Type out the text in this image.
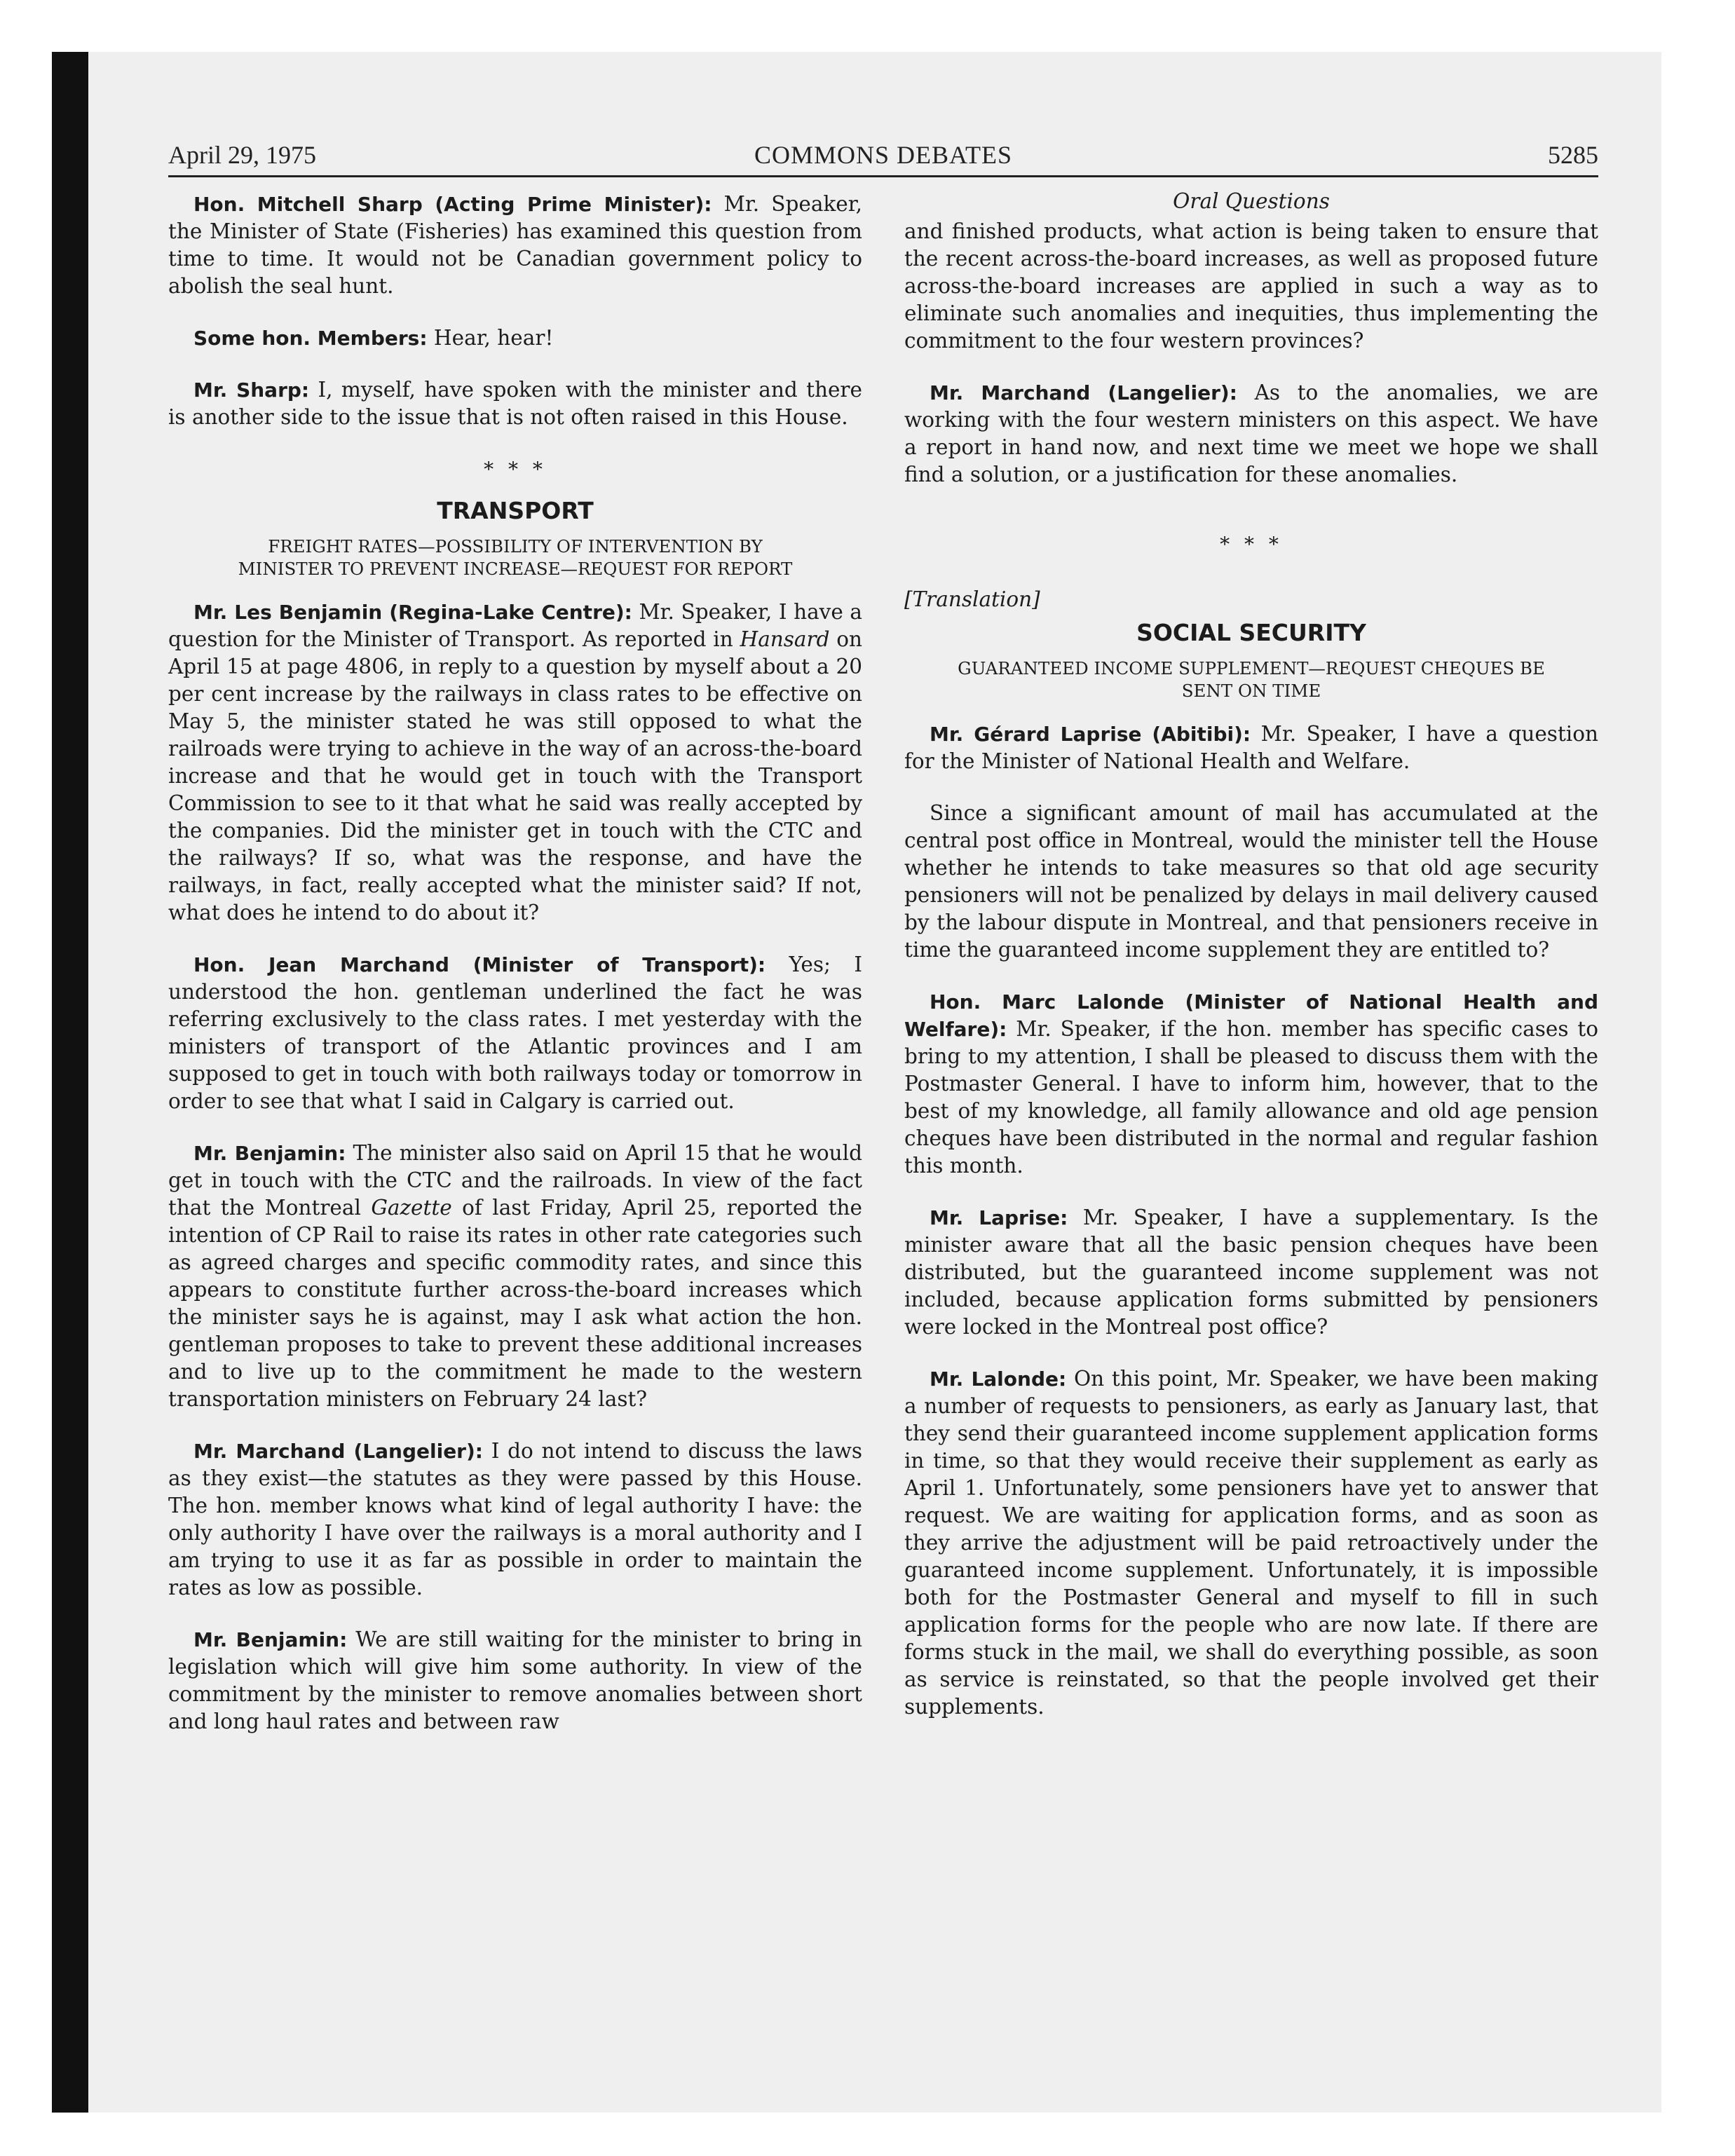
April 29, 1975	COMMONS DEBATES	5285

Hon. Mitchell Sharp (Acting Prime Minister): Mr. Speaker, the Minister of State (Fisheries) has examined this question from time to time. It would not be Canadian government policy to abolish the seal hunt.

Some hon. Members: Hear, hear!

Mr. Sharp: I, myself, have spoken with the minister and there is another side to the issue that is not often raised in this House.

* * *
TRANSPORT
FREIGHT RATES—POSSIBILITY OF INTERVENTION BY
MINISTER TO PREVENT INCREASE—REQUEST FOR REPORT

Mr. Les Benjamin (Regina-Lake Centre): Mr. Speaker, I have a question for the Minister of Transport. As reported in Hansard on April 15 at page 4806, in reply to a question by myself about a 20 per cent increase by the railways in class rates to be effective on May 5, the minister stated he was still opposed to what the railroads were trying to achieve in the way of an across-the-board increase and that he would get in touch with the Transport Commission to see to it that what he said was really accepted by the companies. Did the minister get in touch with the CTC and the railways? If so, what was the response, and have the railways, in fact, really accepted what the minister said? If not, what does he intend to do about it?

Hon. Jean Marchand (Minister of Transport): Yes; I understood the hon. gentleman underlined the fact he was referring exclusively to the class rates. I met yesterday with the ministers of transport of the Atlantic provinces and I am supposed to get in touch with both railways today or tomorrow in order to see that what I said in Calgary is carried out.

Mr. Benjamin: The minister also said on April 15 that he would get in touch with the CTC and the railroads. In view of the fact that the Montreal Gazette of last Friday, April 25, reported the intention of CP Rail to raise its rates in other rate categories such as agreed charges and specific commodity rates, and since this appears to constitute further across-the-board increases which the minister says he is against, may I ask what action the hon. gentleman proposes to take to prevent these additional increases and to live up to the commitment he made to the western transportation ministers on February 24 last?

Mr. Marchand (Langelier): I do not intend to discuss the laws as they exist—the statutes as they were passed by this House. The hon. member knows what kind of legal authority I have: the only authority I have over the railways is a moral authority and I am trying to use it as far as possible in order to maintain the rates as low as possible.

Mr. Benjamin: We are still waiting for the minister to bring in legislation which will give him some authority. In view of the commitment by the minister to remove anomalies between short and long haul rates and between raw

Oral Questions

and finished products, what action is being taken to ensure that the recent across-the-board increases, as well as proposed future across-the-board increases are applied in such a way as to eliminate such anomalies and inequities, thus implementing the commitment to the four western provinces?

Mr. Marchand (Langelier): As to the anomalies, we are working with the four western ministers on this aspect. We have a report in hand now, and next time we meet we hope we shall find a solution, or a justification for these anomalies.

* * *
[Translation]
SOCIAL SECURITY
GUARANTEED INCOME SUPPLEMENT—REQUEST CHEQUES BE
SENT ON TIME

Mr. Gérard Laprise (Abitibi): Mr. Speaker, I have a question for the Minister of National Health and Welfare.

Since a significant amount of mail has accumulated at the central post office in Montreal, would the minister tell the House whether he intends to take measures so that old age security pensioners will not be penalized by delays in mail delivery caused by the labour dispute in Montreal, and that pensioners receive in time the guaranteed income supplement they are entitled to?

Hon. Marc Lalonde (Minister of National Health and Welfare): Mr. Speaker, if the hon. member has specific cases to bring to my attention, I shall be pleased to discuss them with the Postmaster General. I have to inform him, however, that to the best of my knowledge, all family allowance and old age pension cheques have been distributed in the normal and regular fashion this month.

Mr. Laprise: Mr. Speaker, I have a supplementary. Is the minister aware that all the basic pension cheques have been distributed, but the guaranteed income supplement was not included, because application forms submitted by pensioners were locked in the Montreal post office?

Mr. Lalonde: On this point, Mr. Speaker, we have been making a number of requests to pensioners, as early as January last, that they send their guaranteed income supplement application forms in time, so that they would receive their supplement as early as April 1. Unfortunately, some pensioners have yet to answer that request. We are waiting for application forms, and as soon as they arrive the adjustment will be paid retroactively under the guaranteed income supplement. Unfortunately, it is impossible both for the Postmaster General and myself to fill in such application forms for the people who are now late. If there are forms stuck in the mail, we shall do everything possible, as soon as service is reinstated, so that the people involved get their supplements.
